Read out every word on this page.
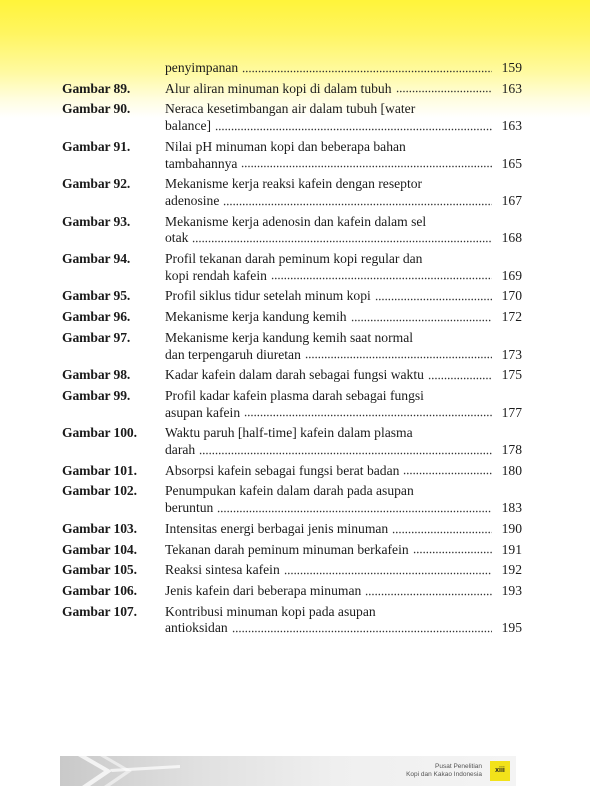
penyimpanan	159
Gambar 89.	Alur aliran minuman kopi di dalam tubuh	163
Gambar 90.	Neraca kesetimbangan air dalam tubuh [water
balance]	163
Gambar 91.	Nilai pH minuman kopi dan beberapa bahan
tambahannya	165
Gambar 92.	Mekanisme kerja reaksi kafein dengan reseptor
adenosine	167
Gambar 93.	Mekanisme kerja adenosin dan kafein dalam sel
otak	168
Gambar 94.	Profil tekanan darah peminum kopi regular dan
kopi rendah kafein	169
Gambar 95.	Profil siklus tidur setelah minum kopi	170
Gambar 96.	Mekanisme kerja kandung kemih	172
Gambar 97.	Mekanisme kerja kandung kemih saat normal
dan terpengaruh diuretan	173
Gambar 98.	Kadar kafein dalam darah sebagai fungsi waktu	175
Gambar 99.	Profil kadar kafein plasma darah sebagai fungsi
asupan kafein	177
Gambar 100.	Waktu paruh [half-time] kafein dalam plasma
darah	178
Gambar 101.	Absorpsi kafein sebagai fungsi berat badan	180
Gambar 102.	Penumpukan kafein dalam darah pada asupan
beruntun	183
Gambar 103.	Intensitas energi berbagai jenis minuman	190
Gambar 104.	Tekanan darah peminum minuman berkafein	191
Gambar 105.	Reaksi sintesa kafein	192
Gambar 106.	Jenis kafein dari beberapa minuman	193
Gambar 107.	Kontribusi minuman kopi pada asupan
antioksidan	195
Pusat Penelitian
Kopi dan Kakao Indonesia
xiii
